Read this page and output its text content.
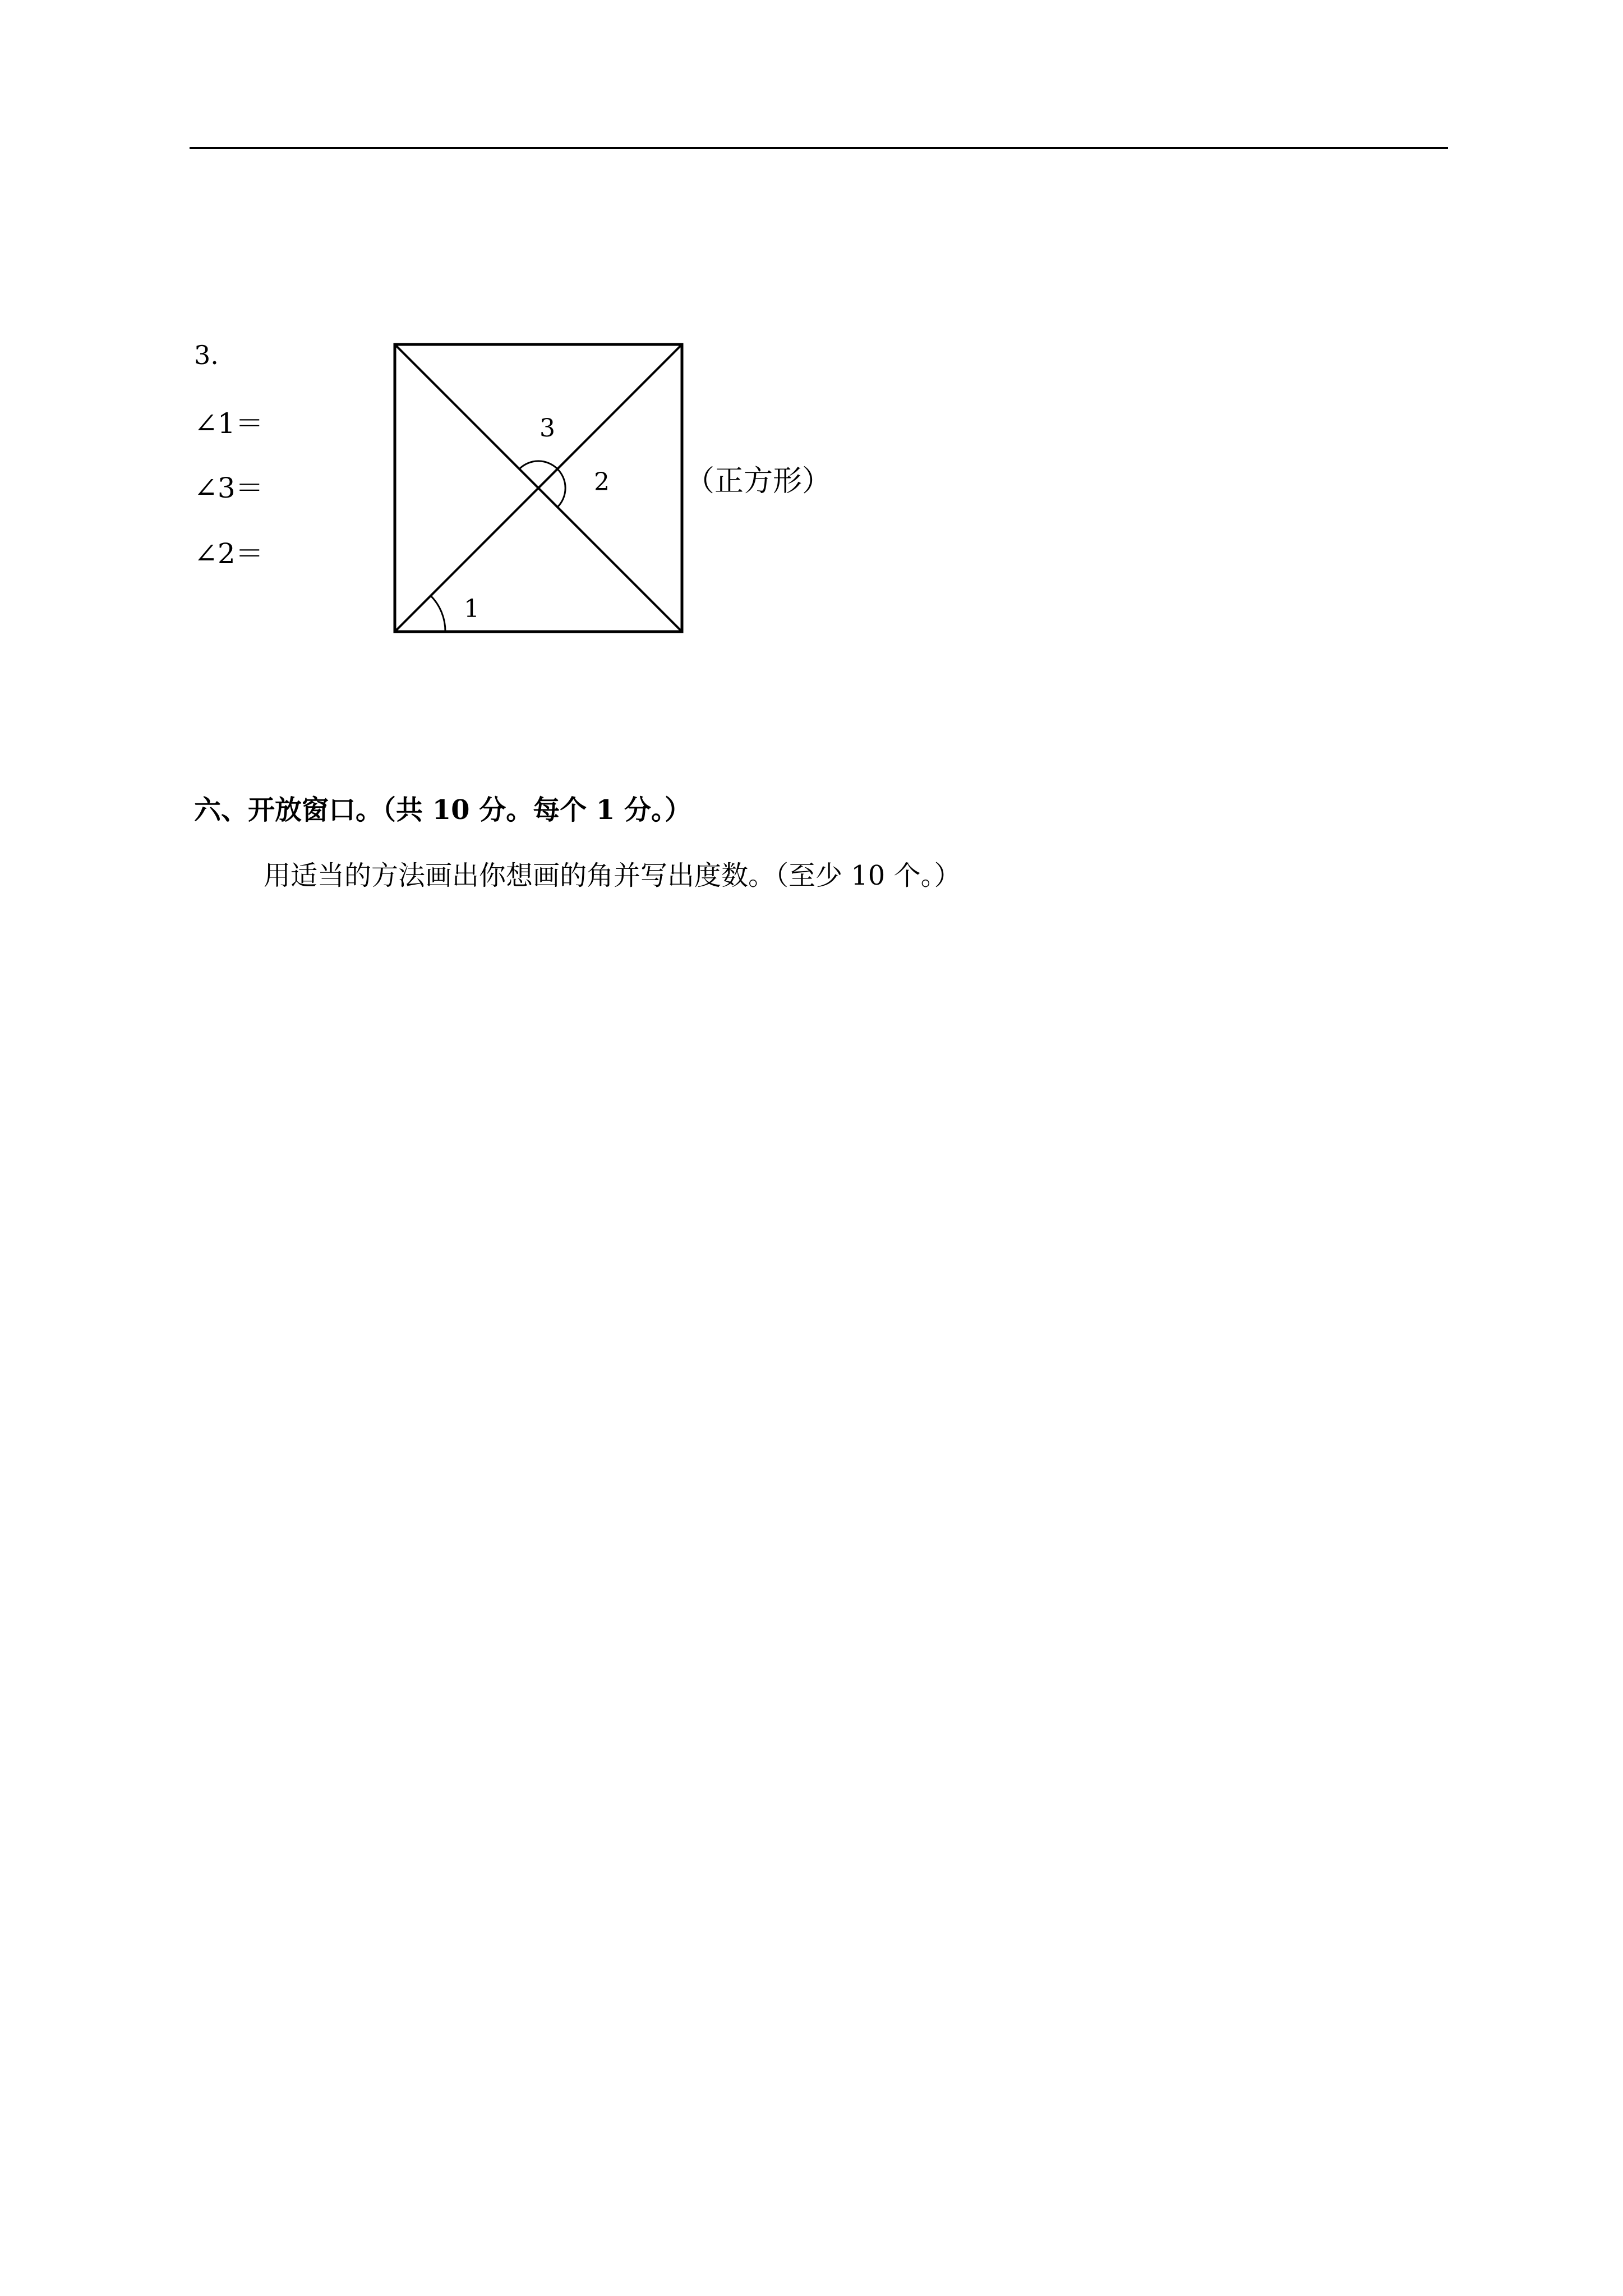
3.
∠1＝
∠3＝
∠2＝
1
2
3
（正方形）
六、开放窗口。（共 10 分。每个 1 分。）
用适当的方法画出你想画的角并写出度数。（至少 10 个。）
